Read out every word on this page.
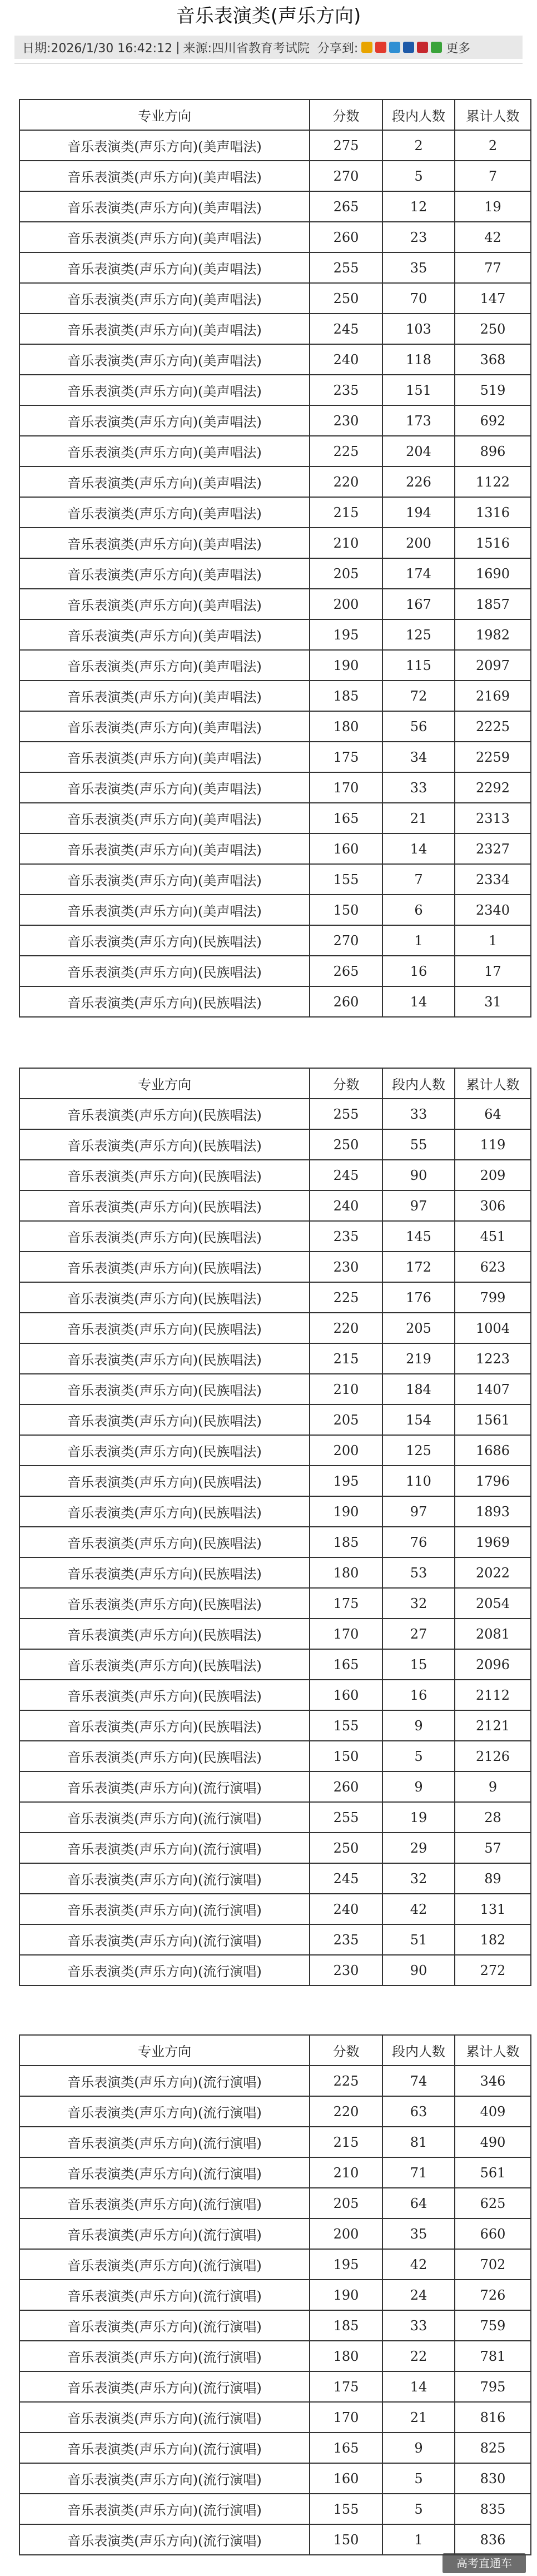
音乐表演类(声乐方向)
日期:2026/1/30 16:42:12 | 来源:四川省教育考试院 分享到:	更多
专业方向	分数	段内人数	累计人数
音乐表演类(声乐方向)(美声唱法)	275	2	2
音乐表演类(声乐方向)(美声唱法)	270	5	7
音乐表演类(声乐方向)(美声唱法)	265	12	19
音乐表演类(声乐方向)(美声唱法)	260	23	42
音乐表演类(声乐方向)(美声唱法)	255	35	77
音乐表演类(声乐方向)(美声唱法)	250	70	147
音乐表演类(声乐方向)(美声唱法)	245	103	250
音乐表演类(声乐方向)(美声唱法)	240	118	368
音乐表演类(声乐方向)(美声唱法)	235	151	519
音乐表演类(声乐方向)(美声唱法)	230	173	692
音乐表演类(声乐方向)(美声唱法)	225	204	896
音乐表演类(声乐方向)(美声唱法)	220	226	1122
音乐表演类(声乐方向)(美声唱法)	215	194	1316
音乐表演类(声乐方向)(美声唱法)	210	200	1516
音乐表演类(声乐方向)(美声唱法)	205	174	1690
音乐表演类(声乐方向)(美声唱法)	200	167	1857
音乐表演类(声乐方向)(美声唱法)	195	125	1982
音乐表演类(声乐方向)(美声唱法)	190	115	2097
音乐表演类(声乐方向)(美声唱法)	185	72	2169
音乐表演类(声乐方向)(美声唱法)	180	56	2225
音乐表演类(声乐方向)(美声唱法)	175	34	2259
音乐表演类(声乐方向)(美声唱法)	170	33	2292
音乐表演类(声乐方向)(美声唱法)	165	21	2313
音乐表演类(声乐方向)(美声唱法)	160	14	2327
音乐表演类(声乐方向)(美声唱法)	155	7	2334
音乐表演类(声乐方向)(美声唱法)	150	6	2340
音乐表演类(声乐方向)(民族唱法)	270	1	1
音乐表演类(声乐方向)(民族唱法)	265	16	17
音乐表演类(声乐方向)(民族唱法)	260	14	31
专业方向	分数	段内人数	累计人数
音乐表演类(声乐方向)(民族唱法)	255	33	64
音乐表演类(声乐方向)(民族唱法)	250	55	119
音乐表演类(声乐方向)(民族唱法)	245	90	209
音乐表演类(声乐方向)(民族唱法)	240	97	306
音乐表演类(声乐方向)(民族唱法)	235	145	451
音乐表演类(声乐方向)(民族唱法)	230	172	623
音乐表演类(声乐方向)(民族唱法)	225	176	799
音乐表演类(声乐方向)(民族唱法)	220	205	1004
音乐表演类(声乐方向)(民族唱法)	215	219	1223
音乐表演类(声乐方向)(民族唱法)	210	184	1407
音乐表演类(声乐方向)(民族唱法)	205	154	1561
音乐表演类(声乐方向)(民族唱法)	200	125	1686
音乐表演类(声乐方向)(民族唱法)	195	110	1796
音乐表演类(声乐方向)(民族唱法)	190	97	1893
音乐表演类(声乐方向)(民族唱法)	185	76	1969
音乐表演类(声乐方向)(民族唱法)	180	53	2022
音乐表演类(声乐方向)(民族唱法)	175	32	2054
音乐表演类(声乐方向)(民族唱法)	170	27	2081
音乐表演类(声乐方向)(民族唱法)	165	15	2096
音乐表演类(声乐方向)(民族唱法)	160	16	2112
音乐表演类(声乐方向)(民族唱法)	155	9	2121
音乐表演类(声乐方向)(民族唱法)	150	5	2126
音乐表演类(声乐方向)(流行演唱)	260	9	9
音乐表演类(声乐方向)(流行演唱)	255	19	28
音乐表演类(声乐方向)(流行演唱)	250	29	57
音乐表演类(声乐方向)(流行演唱)	245	32	89
音乐表演类(声乐方向)(流行演唱)	240	42	131
音乐表演类(声乐方向)(流行演唱)	235	51	182
音乐表演类(声乐方向)(流行演唱)	230	90	272
专业方向	分数	段内人数	累计人数
音乐表演类(声乐方向)(流行演唱)	225	74	346
音乐表演类(声乐方向)(流行演唱)	220	63	409
音乐表演类(声乐方向)(流行演唱)	215	81	490
音乐表演类(声乐方向)(流行演唱)	210	71	561
音乐表演类(声乐方向)(流行演唱)	205	64	625
音乐表演类(声乐方向)(流行演唱)	200	35	660
音乐表演类(声乐方向)(流行演唱)	195	42	702
音乐表演类(声乐方向)(流行演唱)	190	24	726
音乐表演类(声乐方向)(流行演唱)	185	33	759
音乐表演类(声乐方向)(流行演唱)	180	22	781
音乐表演类(声乐方向)(流行演唱)	175	14	795
音乐表演类(声乐方向)(流行演唱)	170	21	816
音乐表演类(声乐方向)(流行演唱)	165	9	825
音乐表演类(声乐方向)(流行演唱)	160	5	830
音乐表演类(声乐方向)(流行演唱)	155	5	835
音乐表演类(声乐方向)(流行演唱)	150	1	836
高考直通车
